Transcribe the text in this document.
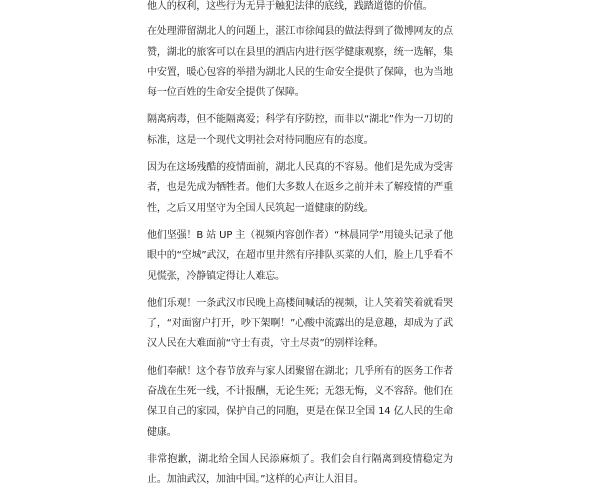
他人的权利，这些行为无异于触犯法律的底线，践踏道德的价值。

在处理滞留湖北人的问题上，湛江市徐闻县的做法得到了微博网友的点赞，湖北的旅客可以在县里的酒店内进行医学健康观察，统一选解，集中安置，暖心包容的举措为湖北人民的生命安全提供了保障，也为当地每一位百姓的生命安全提供了保障。

隔离病毒，但不能隔离爱；科学有序防控，而非以“湖北”作为一刀切的标准，这是一个现代文明社会对待同胞应有的态度。

因为在这场残酷的疫情面前，湖北人民真的不容易。他们是先成为受害者，也是先成为牺牲者。他们大多数人在返乡之前并未了解疫情的严重性，之后又用坚守为全国人民筑起一道健康的防线。

他们坚强！B 站 UP 主（视频内容创作者）“林晨同学”用镜头记录了他眼中的“空城”武汉，在超市里井然有序排队买菜的人们，脸上几乎看不见慌张，冷静镇定得让人难忘。

他们乐观！一条武汉市民晚上高楼间喊话的视频，让人笑着笑着就看哭了，“对面窗户打开，吵下架啊！”心酸中流露出的是意趣，却成为了武汉人民在大难面前“守士有责，守土尽责”的别样诠释。

他们奉献！这个春节放弃与家人团聚留在湖北；几乎所有的医务工作者奋战在生死一线，不计报酬，无论生死；无怨无悔，义不容辞。他们在保卫自己的家园，保护自己的同胞，更是在保卫全国 14 亿人民的生命健康。

非常抱歉，湖北给全国人民添麻烦了。我们会自行隔离到疫情稳定为止。加油武汉，加油中国。”这样的心声让人泪目。
